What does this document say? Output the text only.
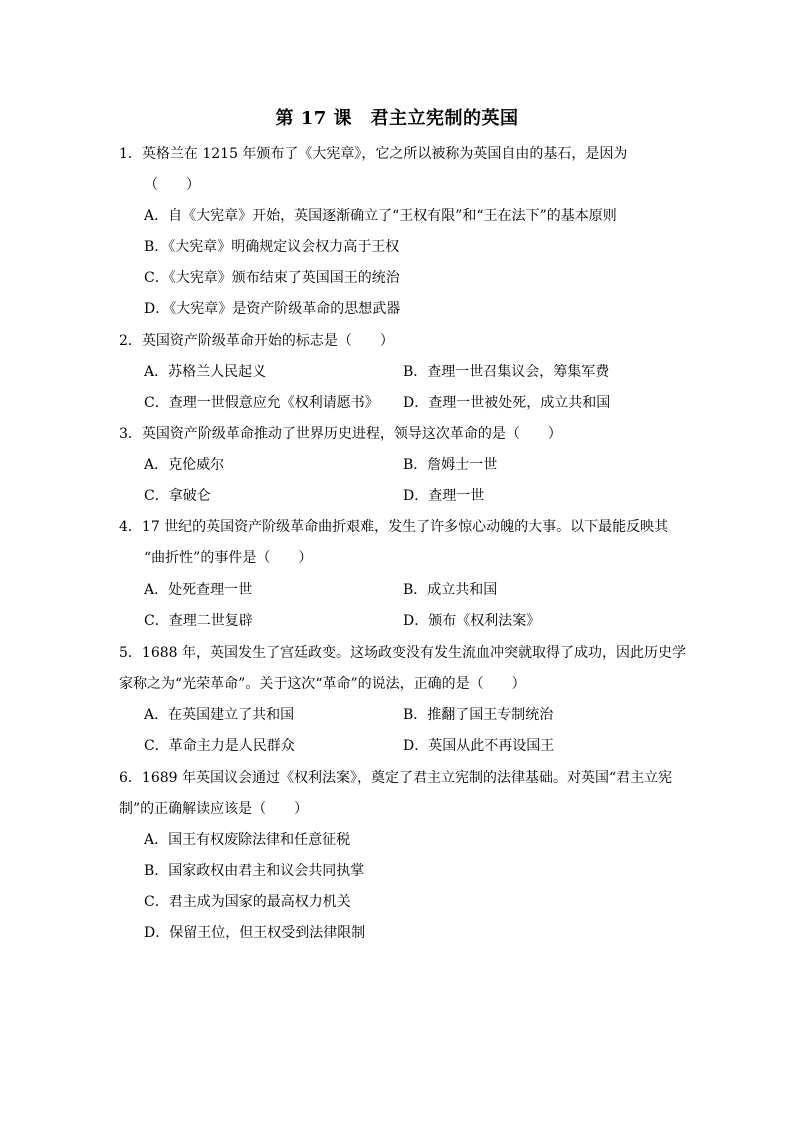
第 17 课　君主立宪制的英国
1．英格兰在 1215 年颁布了《大宪章》，它之所以被称为英国自由的基石，是因为
（　　）
A．自《大宪章》开始，英国逐渐确立了“王权有限”和“王在法下”的基本原则
B．《大宪章》明确规定议会权力高于王权
C．《大宪章》颁布结束了英国国王的统治
D．《大宪章》是资产阶级革命的思想武器
2．英国资产阶级革命开始的标志是（　　）
A．苏格兰人民起义	B．查理一世召集议会，筹集军费
C．查理一世假意应允《权利请愿书》 D．查理一世被处死，成立共和国
3．英国资产阶级革命推动了世界历史进程，领导这次革命的是（　　）
A．克伦威尔	B．詹姆士一世
C．拿破仑	D．查理一世
4．17 世纪的英国资产阶级革命曲折艰难，发生了许多惊心动魄的大事。以下最能反映其
“曲折性”的事件是（　　）
A．处死查理一世	B．成立共和国
C．查理二世复辟	D．颁布《权利法案》
5．1688 年，英国发生了宫廷政变。这场政变没有发生流血冲突就取得了成功，因此历史学
家称之为“光荣革命”。关于这次“革命”的说法，正确的是（　　）
A．在英国建立了共和国	B．推翻了国王专制统治
C．革命主力是人民群众	D．英国从此不再设国王
6．1689 年英国议会通过《权利法案》，奠定了君主立宪制的法律基础。对英国“君主立宪
制”的正确解读应该是（　　）
A．国王有权废除法律和任意征税
B．国家政权由君主和议会共同执掌
C．君主成为国家的最高权力机关
D．保留王位，但王权受到法律限制
